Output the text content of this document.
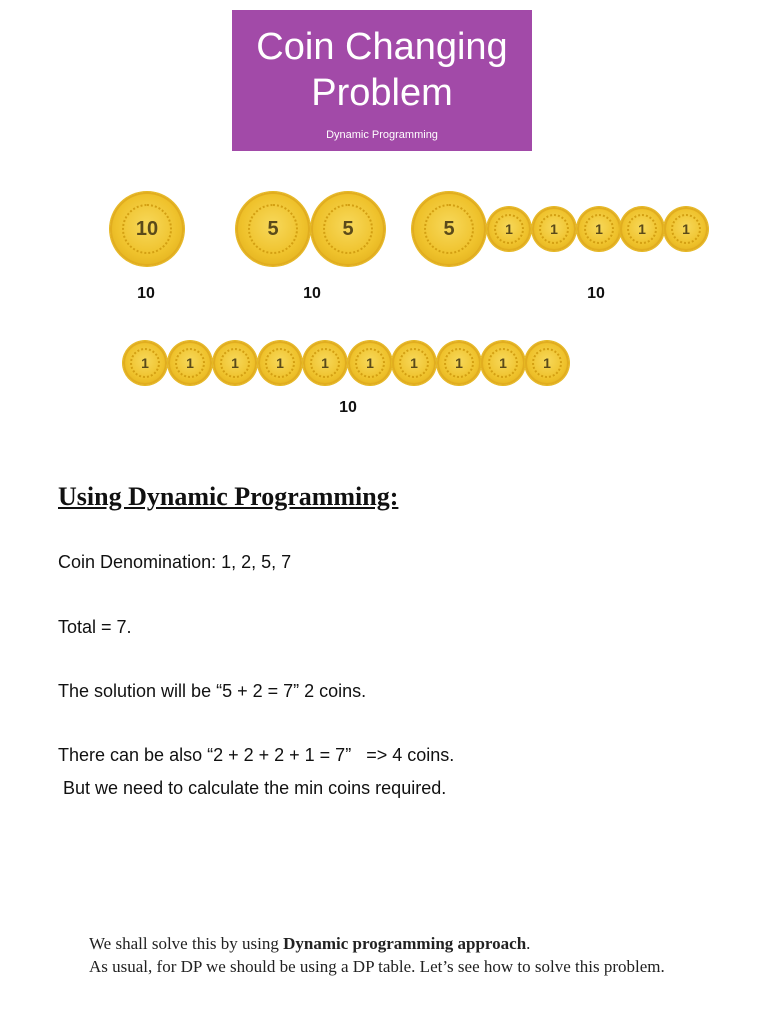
Coin Changing
Problem
Dynamic Programming
10	5	5	5	1	1	1	1	1
10	10	10
1	1	1	1	1	1	1	1	1	1
10
Using Dynamic Programming:
Coin Denomination: 1, 2, 5, 7
Total = 7.
The solution will be “5 + 2 = 7” 2 coins.
There can be also “2 + 2 + 2 + 1 = 7”   => 4 coins.
But we need to calculate the min coins required.
We shall solve this by using Dynamic programming approach.
As usual, for DP we should be using a DP table. Let’s see how to solve this problem.
